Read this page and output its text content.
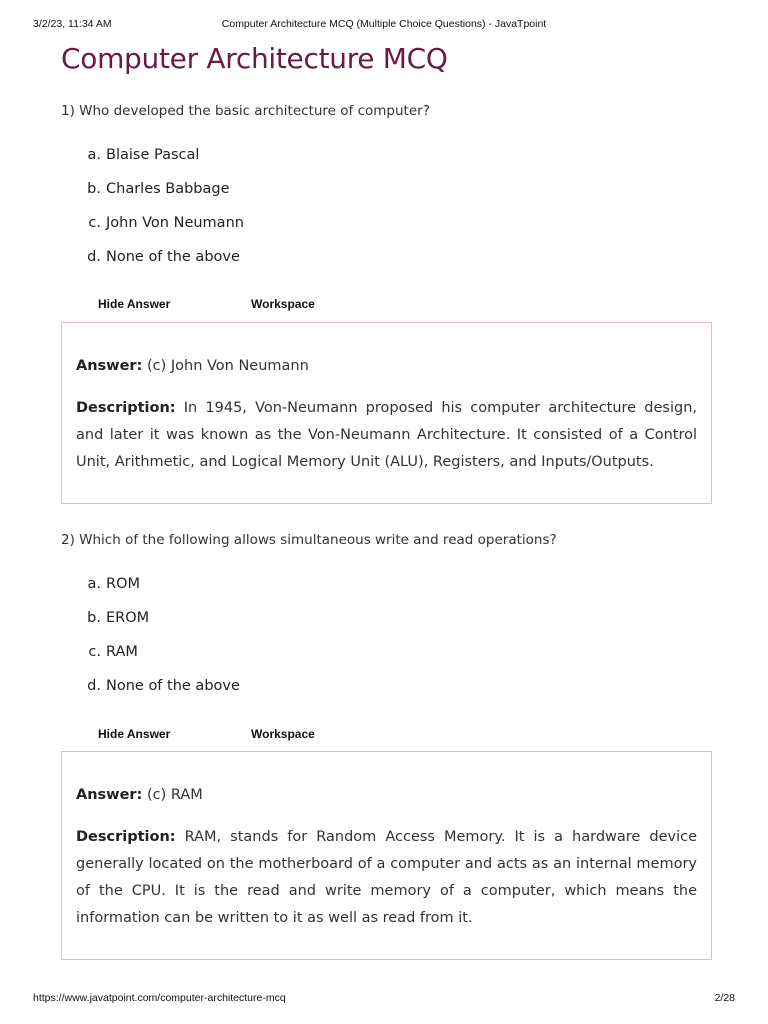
3/2/23, 11:34 AM	Computer Architecture MCQ (Multiple Choice Questions) - JavaTpoint
Computer Architecture MCQ

1) Who developed the basic architecture of computer?

a. Blaise Pascal
b. Charles Babbage
c. John Von Neumann
d. None of the above
Hide Answer	Workspace
Answer: (c) John Von Neumann

Description: In 1945, Von-Neumann proposed his computer architecture design, and later it was known as the Von-Neumann Architecture. It consisted of a Control Unit, Arithmetic, and Logical Memory Unit (ALU), Registers, and Inputs/Outputs.

2) Which of the following allows simultaneous write and read operations?

a. ROM
b. EROM
c. RAM
d. None of the above
Hide Answer	Workspace
Answer: (c) RAM

Description: RAM, stands for Random Access Memory. It is a hardware device generally located on the motherboard of a computer and acts as an internal memory of the CPU. It is the read and write memory of a computer, which means the information can be written to it as well as read from it.

https://www.javatpoint.com/computer-architecture-mcq	2/28
